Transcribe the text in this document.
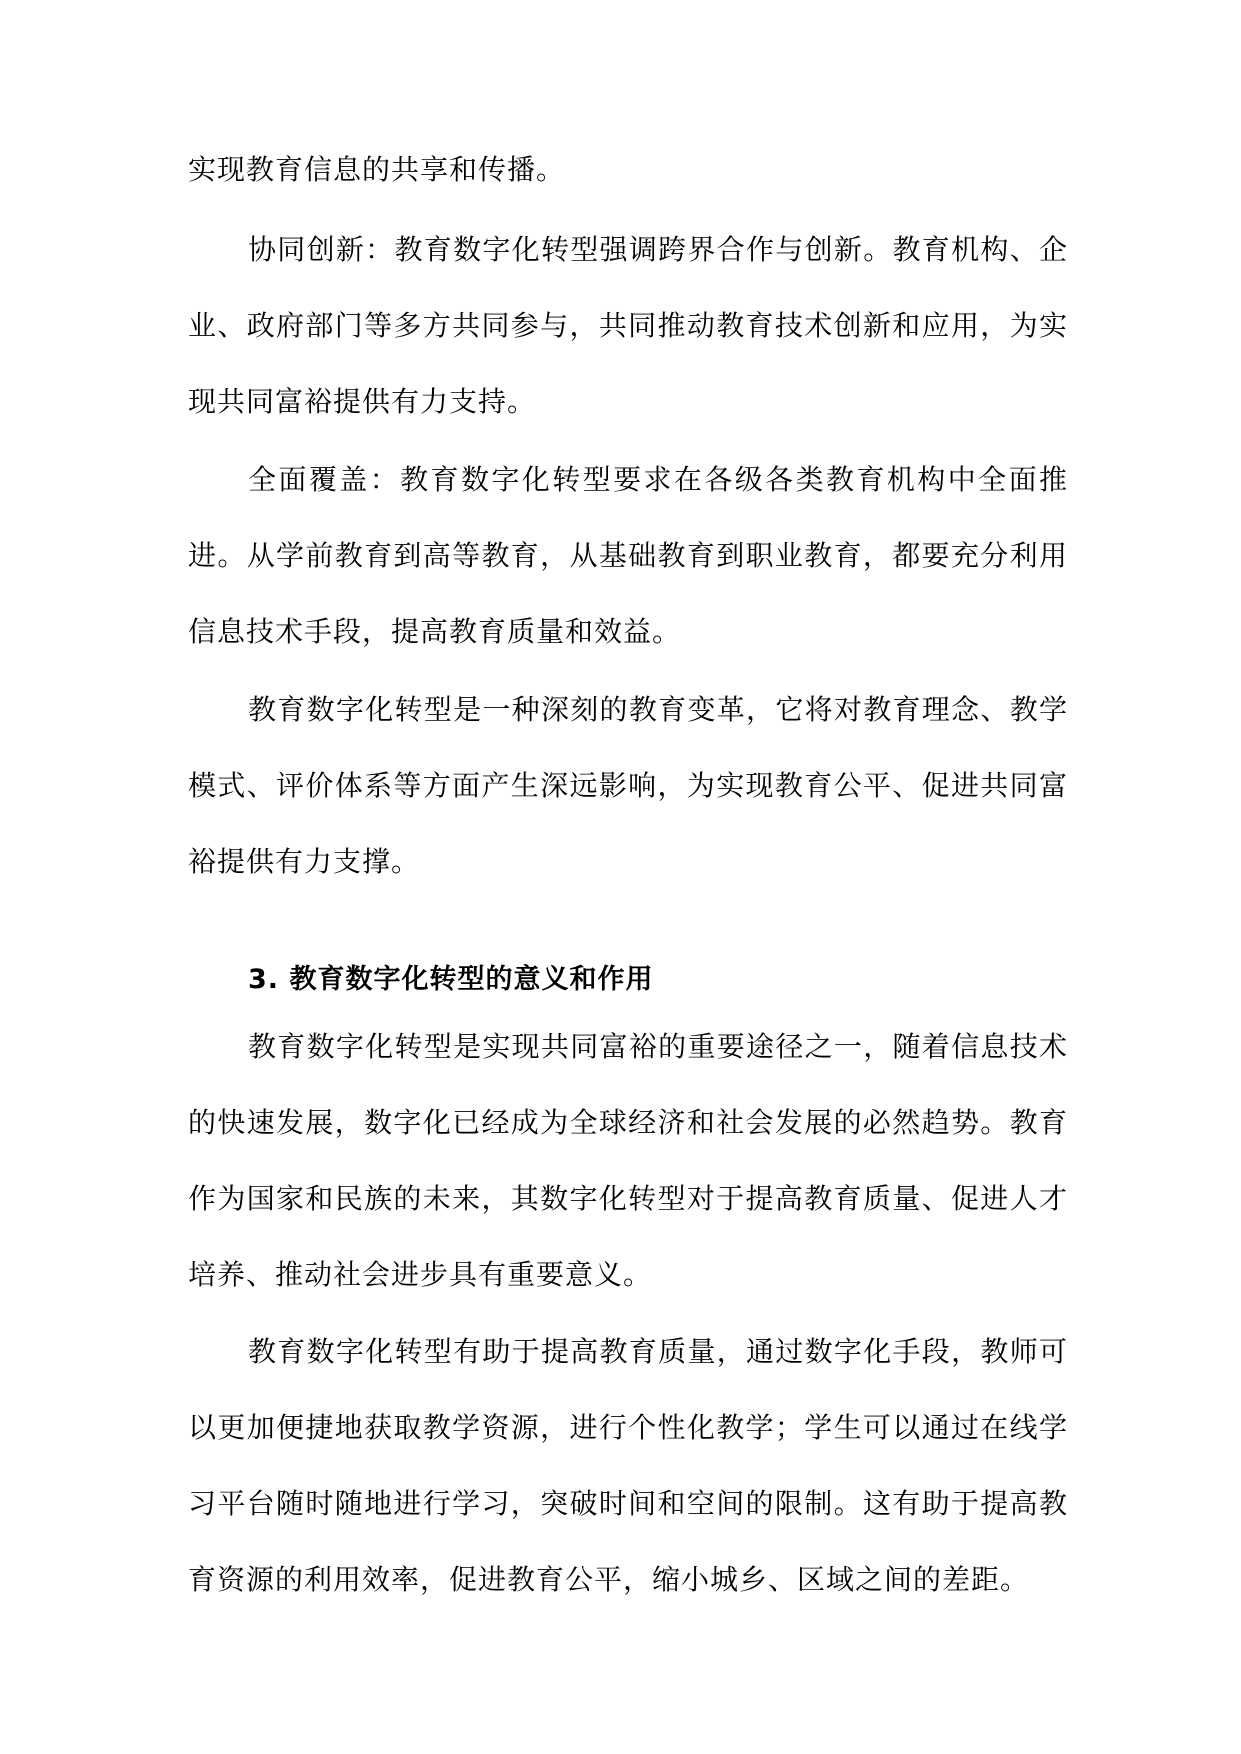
实现教育信息的共享和传播。

协同创新：教育数字化转型强调跨界合作与创新。教育机构、企业、政府部门等多方共同参与，共同推动教育技术创新和应用，为实现共同富裕提供有力支持。

全面覆盖：教育数字化转型要求在各级各类教育机构中全面推进。从学前教育到高等教育，从基础教育到职业教育，都要充分利用信息技术手段，提高教育质量和效益。

教育数字化转型是一种深刻的教育变革，它将对教育理念、教学模式、评价体系等方面产生深远影响，为实现教育公平、促进共同富裕提供有力支撑。

3. 教育数字化转型的意义和作用

教育数字化转型是实现共同富裕的重要途径之一，随着信息技术的快速发展，数字化已经成为全球经济和社会发展的必然趋势。教育作为国家和民族的未来，其数字化转型对于提高教育质量、促进人才培养、推动社会进步具有重要意义。

教育数字化转型有助于提高教育质量，通过数字化手段，教师可以更加便捷地获取教学资源，进行个性化教学；学生可以通过在线学习平台随时随地进行学习，突破时间和空间的限制。这有助于提高教育资源的利用效率，促进教育公平，缩小城乡、区域之间的差距。
